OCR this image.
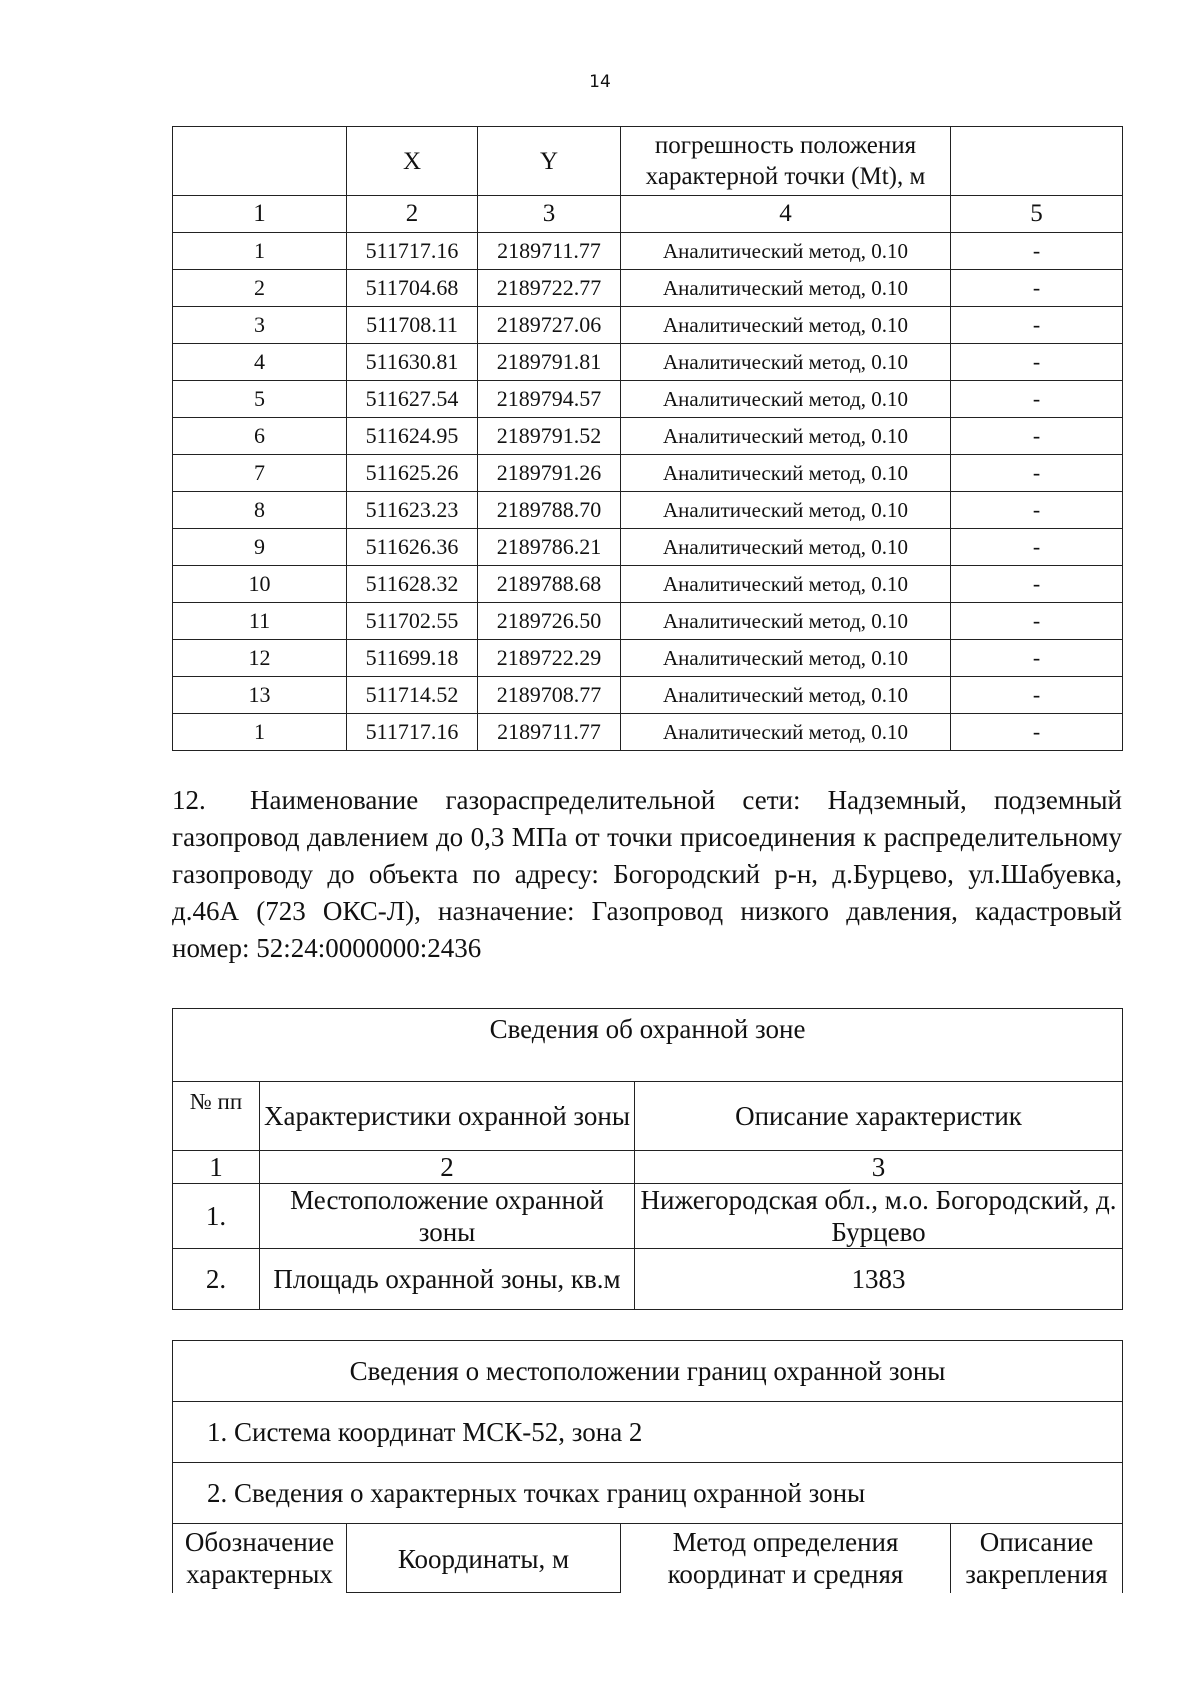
14
	X	Y	погрешность положения характерной точки (Mt), м	
1	2	3	4	5
1	511717.16	2189711.77	Аналитический метод, 0.10	-
2	511704.68	2189722.77	Аналитический метод, 0.10	-
3	511708.11	2189727.06	Аналитический метод, 0.10	-
4	511630.81	2189791.81	Аналитический метод, 0.10	-
5	511627.54	2189794.57	Аналитический метод, 0.10	-
6	511624.95	2189791.52	Аналитический метод, 0.10	-
7	511625.26	2189791.26	Аналитический метод, 0.10	-
8	511623.23	2189788.70	Аналитический метод, 0.10	-
9	511626.36	2189786.21	Аналитический метод, 0.10	-
10	511628.32	2189788.68	Аналитический метод, 0.10	-
11	511702.55	2189726.50	Аналитический метод, 0.10	-
12	511699.18	2189722.29	Аналитический метод, 0.10	-
13	511714.52	2189708.77	Аналитический метод, 0.10	-
1	511717.16	2189711.77	Аналитический метод, 0.10	-

12. Наименование газораспределительной сети: Надземный, подземный газопровод давлением до 0,3 МПа от точки присоединения к распределительному газопроводу до объекта по адресу: Богородский р-н, д.Бурцево, ул.Шабуевка, д.46А (723 ОКС-Л), назначение: Газопровод низкого давления, кадастровый номер: 52:24:0000000:2436

Сведения об охранной зоне		
№ пп	Характеристики охранной зоны	Описание характеристик
1	2	3
1.	Местоположение охранной зоны	Нижегородская обл., м.о. Богородский, д. Бурцево
2.	Площадь охранной зоны, кв.м	1383
Сведения о местоположении границ охранной зоны
1. Система координат МСК-52, зона 2
2. Сведения о характерных точках границ охранной зоны
Обозначение характерных	Координаты, м	Метод определения координат и средняя	Описание закрепления
